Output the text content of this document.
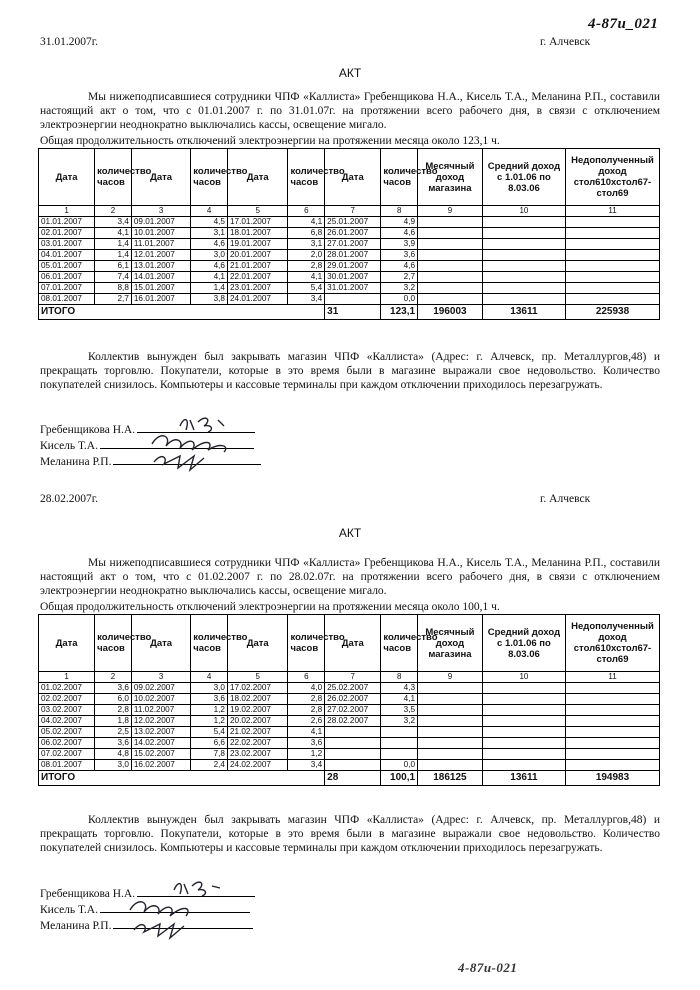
4-87и_021
4-87и-021
31.01.2007г.	г. Алчевск
АКТ
Мы нижеподписавшиеся сотрудники ЧПФ «Каллиста» Гребенщикова Н.А., Кисель Т.А., Меланина Р.П., составили настоящий акт о том, что с 01.01.2007 г. по 31.01.07г. на протяжении всего рабочего дня, в связи с отключением электроэнергии неоднократно выключались кассы, освещение мигало.
Общая продолжительность отключений электроэнергии на протяжении месяца около 123,1 ч.
Дата	количество часов	Дата	количество часов	Дата	количество часов	Дата	количество часов	Месячный доход магазина	Средний доход с 1.01.06 по 8.03.06	Недополученный доход стол610хстол67-стол69
1	2	3	4	5	6	7	8	9	10	11
01.01.2007	3,4	09.01.2007	4,5	17.01.2007	4,1	25.01.2007	4,9			
02.01.2007	4,1	10.01.2007	3,1	18.01.2007	6,8	26.01.2007	4,6			
03.01.2007	1,4	11.01.2007	4,6	19.01.2007	3,1	27.01.2007	3,9			
04.01.2007	1,4	12.01.2007	3,0	20.01.2007	2,0	28.01.2007	3,6			
05.01.2007	6,1	13.01.2007	4,6	21.01.2007	2,8	29.01.2007	4,6			
06.01.2007	7,4	14.01.2007	4,1	22.01.2007	4,1	30.01.2007	2,7			
07.01.2007	8,8	15.01.2007	1,4	23.01.2007	5,4	31.01.2007	3,2			
08.01.2007	2,7	16.01.2007	3,8	24.01.2007	3,4		0,0			
ИТОГО						31	123,1	196003	13611	225938
Коллектив вынужден был закрывать магазин ЧПФ «Каллиста» (Адрес: г. Алчевск, пр. Металлургов,48) и прекращать торговлю. Покупатели, которые в это время были в магазине выражали свое недовольство. Количество покупателей снизилось. Компьютеры и кассовые терминалы при каждом отключении приходилось перезагружать.
Гребенщикова Н.А.
Кисель Т.А.
Меланина Р.П.
28.02.2007г.	г. Алчевск
АКТ
Мы нижеподписавшиеся сотрудники ЧПФ «Каллиста» Гребенщикова Н.А., Кисель Т.А., Меланина Р.П., составили настоящий акт о том, что с 01.02.2007 г. по 28.02.07г. на протяжении всего рабочего дня, в связи с отключением электроэнергии неоднократно выключались кассы, освещение мигало.
Общая продолжительность отключений электроэнергии на протяжении месяца около 100,1 ч.
Дата	количество часов	Дата	количество часов	Дата	количество часов	Дата	количество часов	Месячный доход магазина	Средний доход с 1.01.06 по 8.03.06	Недополученный доход стол610хстол67-стол69
1	2	3	4	5	6	7	8	9	10	11
01.02.2007	3,6	09.02.2007	3,0	17.02.2007	4,0	25.02.2007	4,3			
02.02.2007	6,0	10.02.2007	3,6	18.02.2007	2,8	26.02.2007	4,1			
03.02.2007	2,8	11.02.2007	1,2	19.02.2007	2,8	27.02.2007	3,5			
04.02.2007	1,8	12.02.2007	1,2	20.02.2007	2,6	28.02.2007	3,2			
05.02.2007	2,5	13.02.2007	5,4	21.02.2007	4,1					
06.02.2007	3,6	14.02.2007	6,6	22.02.2007	3,6					
07.02.2007	4,8	15.02.2007	7,8	23.02.2007	1,2					
08.01.2007	3,0	16.02.2007	2,4	24.02.2007	3,4		0,0			
ИТОГО						28	100,1	186125	13611	194983
Коллектив вынужден был закрывать магазин ЧПФ «Каллиста» (Адрес: г. Алчевск, пр. Металлургов,48) и прекращать торговлю. Покупатели, которые в это время были в магазине выражали свое недовольство. Количество покупателей снизилось. Компьютеры и кассовые терминалы при каждом отключении приходилось перезагружать.
Гребенщикова Н.А.
Кисель Т.А.
Меланина Р.П.
